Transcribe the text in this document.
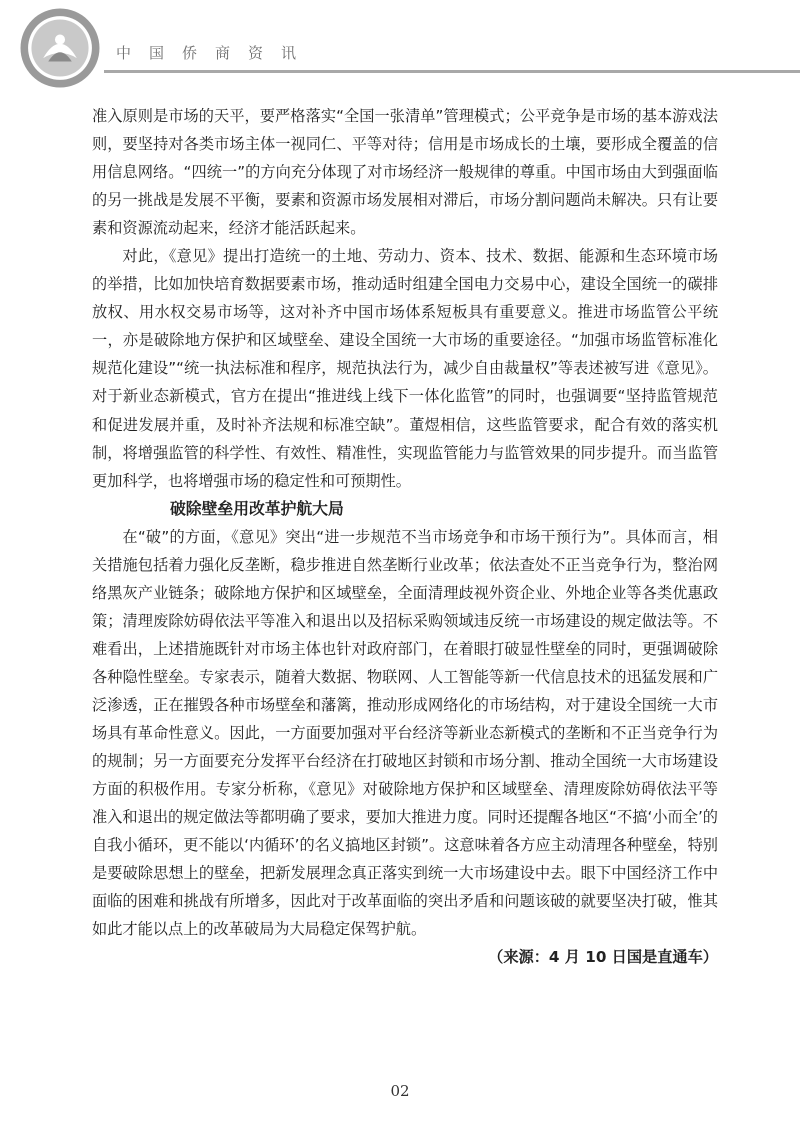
中国侨商资讯

准入原则是市场的天平，要严格落实“全国一张清单”管理模式；公平竞争是市场的基本游戏法则，要坚持对各类市场主体一视同仁、平等对待；信用是市场成长的土壤，要形成全覆盖的信用信息网络。“四统一”的方向充分体现了对市场经济一般规律的尊重。中国市场由大到强面临的另一挑战是发展不平衡，要素和资源市场发展相对滞后，市场分割问题尚未解决。只有让要素和资源流动起来，经济才能活跃起来。

对此，《意见》提出打造统一的土地、劳动力、资本、技术、数据、能源和生态环境市场的举措，比如加快培育数据要素市场，推动适时组建全国电力交易中心，建设全国统一的碳排放权、用水权交易市场等，这对补齐中国市场体系短板具有重要意义。推进市场监管公平统一，亦是破除地方保护和区域壁垒、建设全国统一大市场的重要途径。“加强市场监管标准化规范化建设”“统一执法标准和程序，规范执法行为，减少自由裁量权”等表述被写进《意见》。对于新业态新模式，官方在提出“推进线上线下一体化监管”的同时，也强调要“坚持监管规范和促进发展并重，及时补齐法规和标准空缺”。董煜相信，这些监管要求，配合有效的落实机制，将增强监管的科学性、有效性、精准性，实现监管能力与监管效果的同步提升。而当监管更加科学，也将增强市场的稳定性和可预期性。

破除壁垒用改革护航大局

在“破”的方面，《意见》突出“进一步规范不当市场竞争和市场干预行为”。具体而言，相关措施包括着力强化反垄断，稳步推进自然垄断行业改革；依法查处不正当竞争行为，整治网络黑灰产业链条；破除地方保护和区域壁垒，全面清理歧视外资企业、外地企业等各类优惠政策；清理废除妨碍依法平等准入和退出以及招标采购领域违反统一市场建设的规定做法等。不难看出，上述措施既针对市场主体也针对政府部门，在着眼打破显性壁垒的同时，更强调破除各种隐性壁垒。专家表示，随着大数据、物联网、人工智能等新一代信息技术的迅猛发展和广泛渗透，正在摧毁各种市场壁垒和藩篱，推动形成网络化的市场结构，对于建设全国统一大市场具有革命性意义。因此，一方面要加强对平台经济等新业态新模式的垄断和不正当竞争行为的规制；另一方面要充分发挥平台经济在打破地区封锁和市场分割、推动全国统一大市场建设方面的积极作用。专家分析称，《意见》对破除地方保护和区域壁垒、清理废除妨碍依法平等准入和退出的规定做法等都明确了要求，要加大推进力度。同时还提醒各地区“不搞‘小而全’的自我小循环，更不能以‘内循环’的名义搞地区封锁”。这意味着各方应主动清理各种壁垒，特别是要破除思想上的壁垒，把新发展理念真正落实到统一大市场建设中去。眼下中国经济工作中面临的困难和挑战有所增多，因此对于改革面临的突出矛盾和问题该破的就要坚决打破，惟其如此才能以点上的改革破局为大局稳定保驾护航。

（来源：4 月 10 日国是直通车）

02
